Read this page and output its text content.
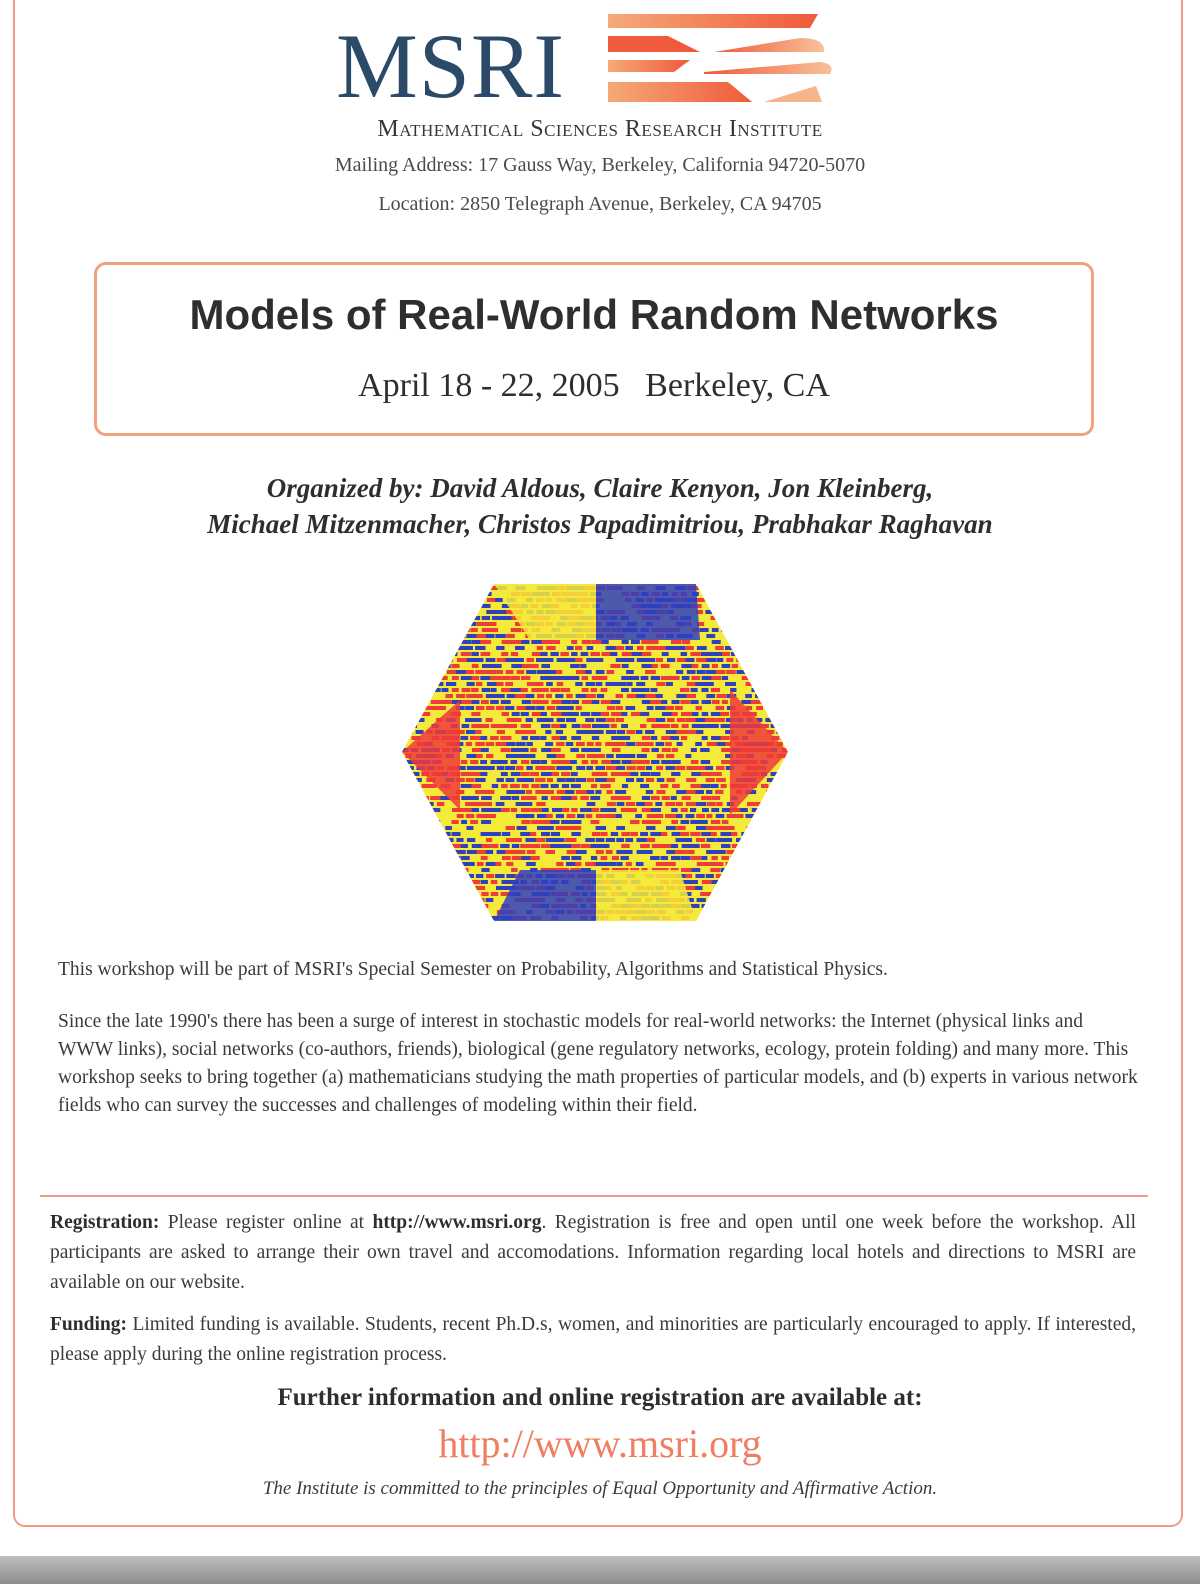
MSRI
Mathematical Sciences Research Institute
Mailing Address: 17 Gauss Way, Berkeley, California 94720-5070
Location: 2850 Telegraph Avenue, Berkeley, CA 94705
Models of Real-World Random Networks
April 18 - 22, 2005   Berkeley, CA
Organized by: David Aldous, Claire Kenyon, Jon Kleinberg,
Michael Mitzenmacher, Christos Papadimitriou, Prabhakar Raghavan
This workshop will be part of MSRI's Special Semester on Probability, Algorithms and Statistical Physics.
Since the late 1990's there has been a surge of interest in stochastic models for real-world networks: the Internet (physical links and WWW links), social networks (co-authors, friends), biological (gene regulatory networks, ecology, protein folding) and many more. This workshop seeks to bring together (a) mathematicians studying the math properties of particular models, and (b) experts in various network fields who can survey the successes and challenges of modeling within their field.
Registration: Please register online at http://www.msri.org. Registration is free and open until one week before the workshop. All participants are asked to arrange their own travel and accomodations. Information regarding local hotels and directions to MSRI are available on our website.
Funding: Limited funding is available. Students, recent Ph.D.s, women, and minorities are particularly encouraged to apply. If interested, please apply during the online registration process.
Further information and online registration are available at:
http://www.msri.org
The Institute is committed to the principles of Equal Opportunity and Affirmative Action.
